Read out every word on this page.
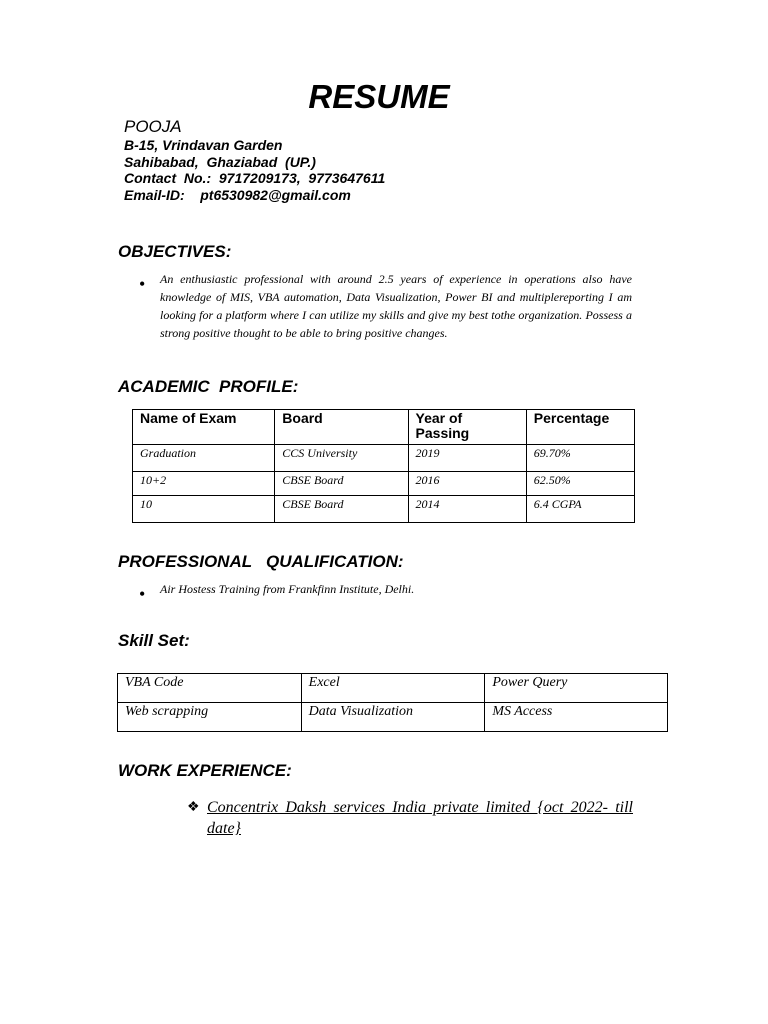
RESUME
POOJA
B-15, Vrindavan Garden
Sahibabad,  Ghaziabad  (UP.)
Contact  No.:  9717209173,  9773647611
Email-ID:    pt6530982@gmail.com
OBJECTIVES:
• An enthusiastic professional with around 2.5 years of experience in operations also have knowledge of MIS, VBA automation, Data Visualization, Power BI and multiplereporting I am looking for a platform where I can utilize my skills and give my best tothe organization. Possess a strong positive thought to be able to bring positive changes.
ACADEMIC  PROFILE:
Name of Exam	Board	Year of Passing	Percentage
Graduation	CCS University	2019	69.70%
10+2	CBSE Board	2016	62.50%
10	CBSE Board	2014	6.4 CGPA
PROFESSIONAL   QUALIFICATION:
• Air Hostess Training from Frankfinn Institute, Delhi.
Skill Set:
VBA Code	Excel	Power Query
Web scrapping	Data Visualization	MS Access
WORK EXPERIENCE:
❖ Concentrix Daksh services India private limited {oct 2022- till date}
